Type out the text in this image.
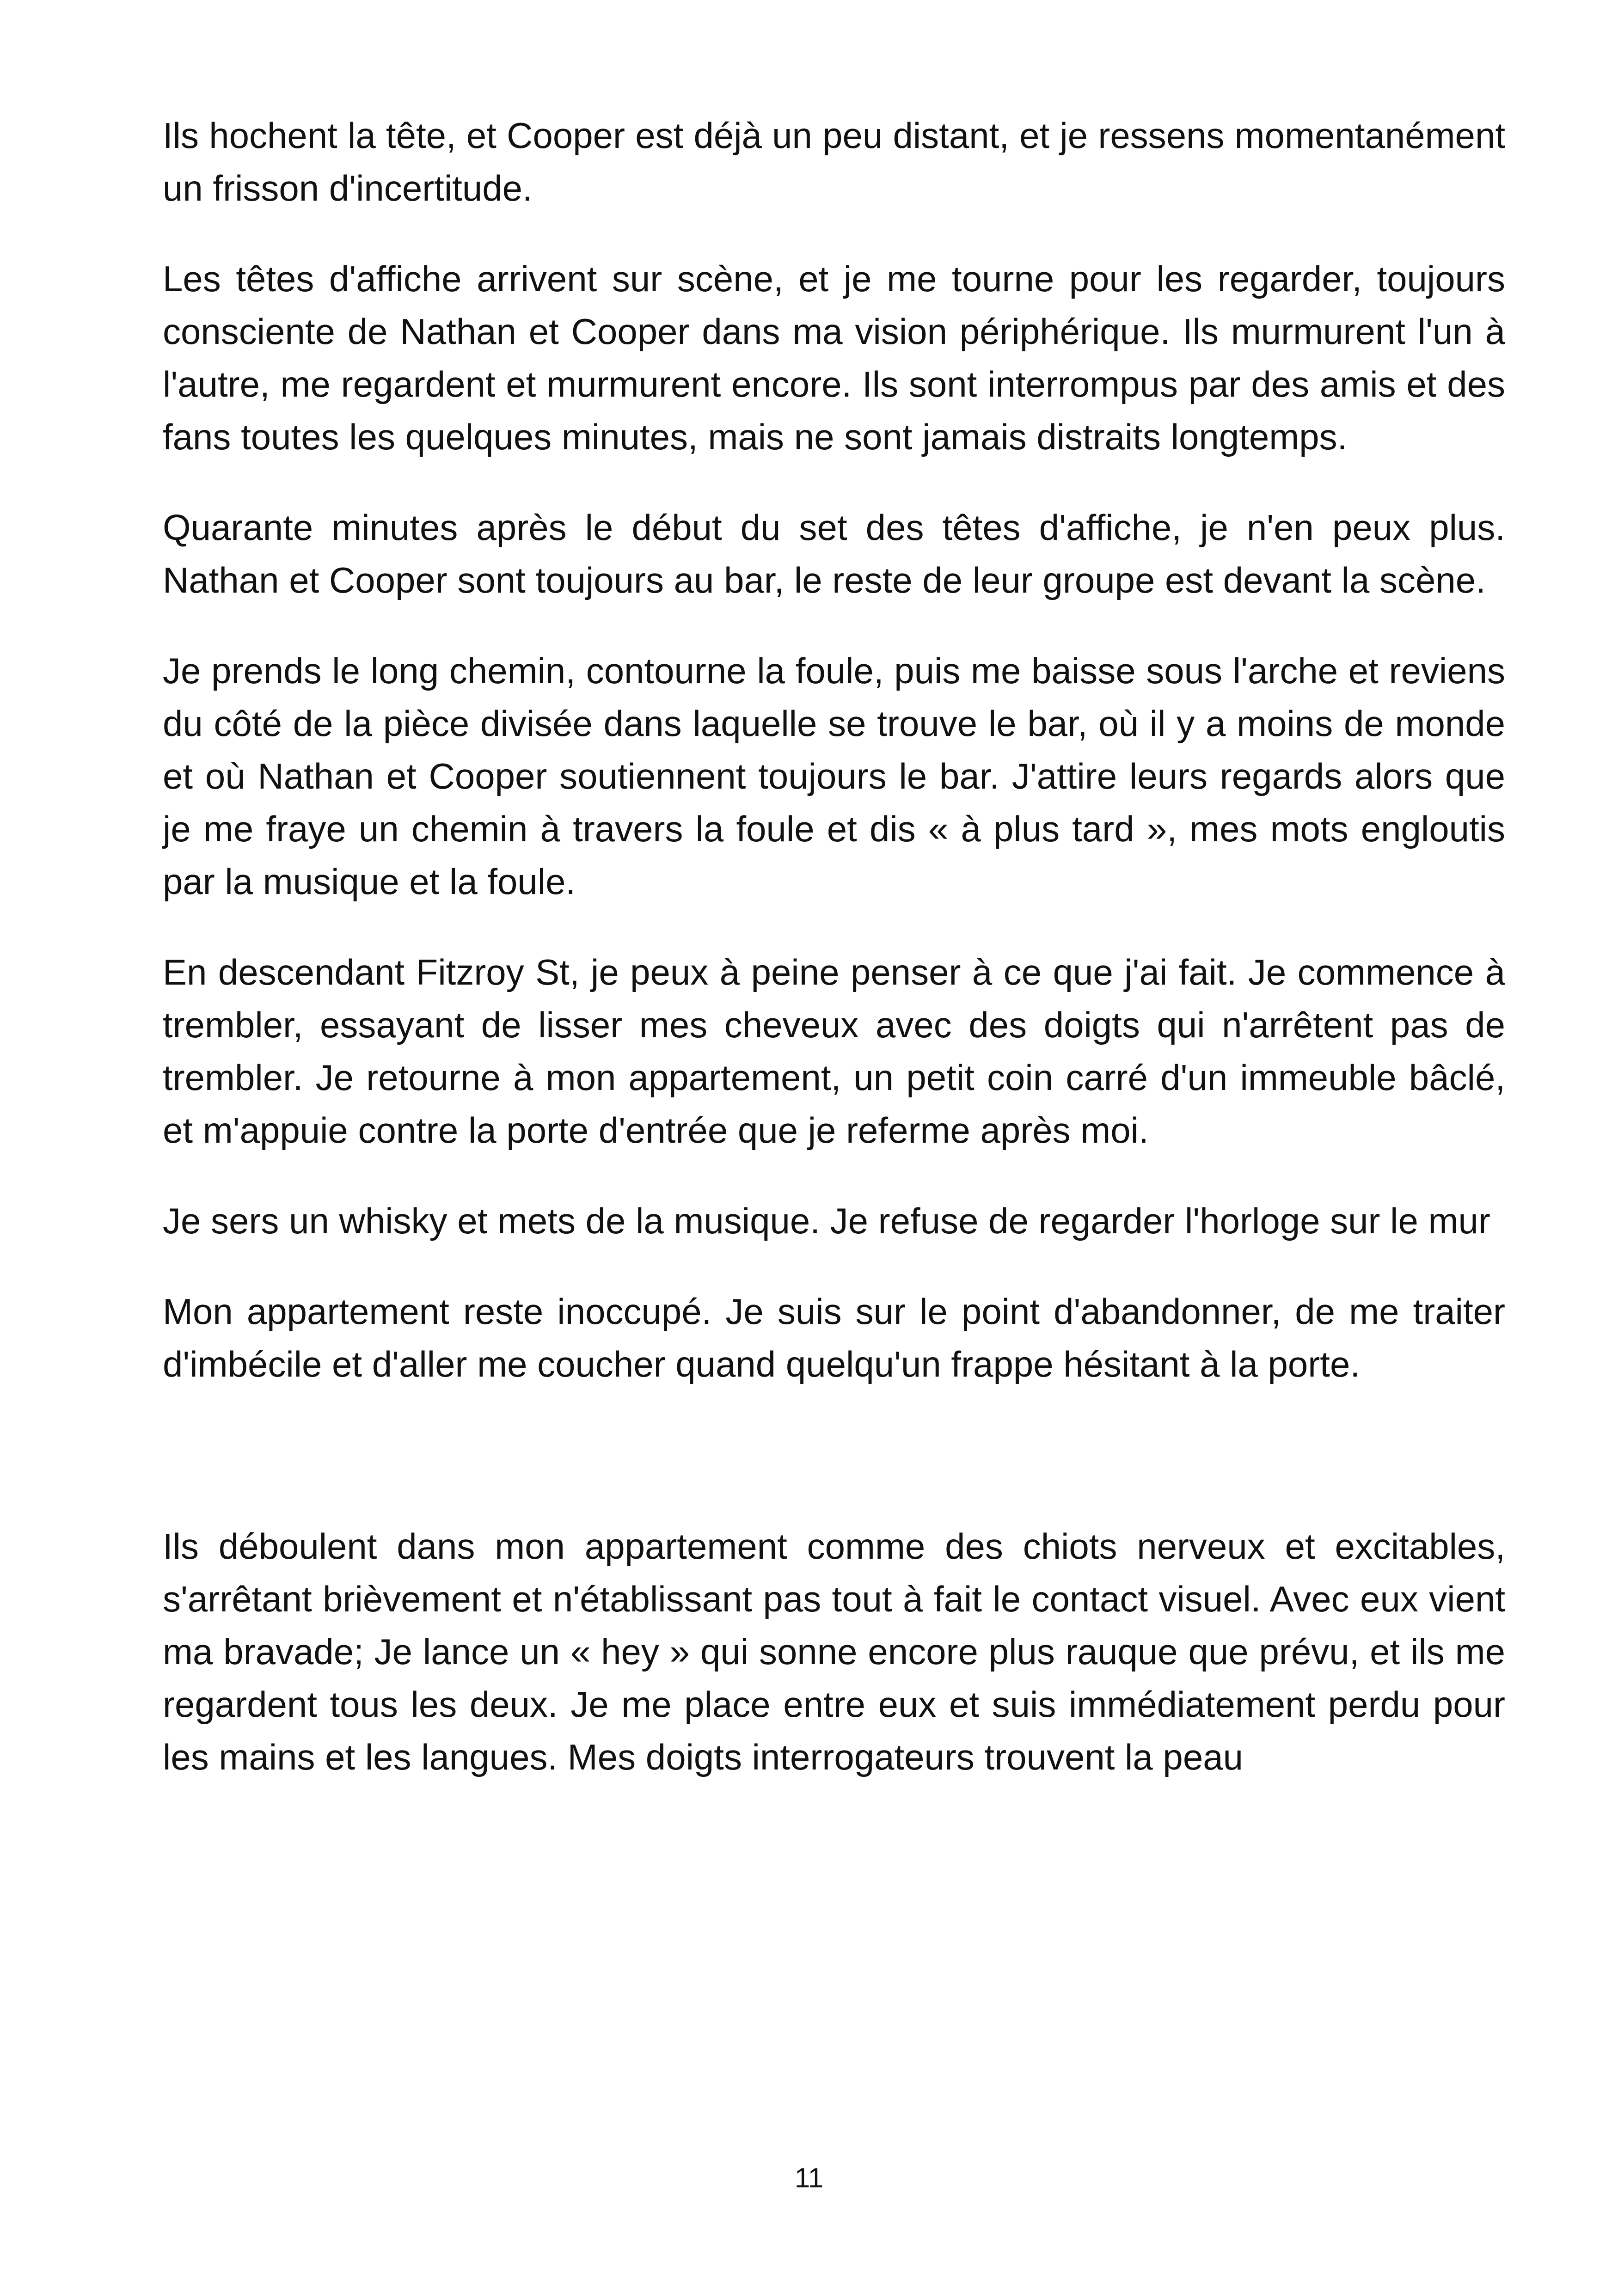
Ils hochent la tête, et Cooper est déjà un peu distant, et je ressens momentanément un frisson d'incertitude.

Les têtes d'affiche arrivent sur scène, et je me tourne pour les regarder, toujours consciente de Nathan et Cooper dans ma vision périphérique. Ils murmurent l'un à l'autre, me regardent et murmurent encore. Ils sont interrompus par des amis et des fans toutes les quelques minutes, mais ne sont jamais distraits longtemps.

Quarante minutes après le début du set des têtes d'affiche, je n'en peux plus. Nathan et Cooper sont toujours au bar, le reste de leur groupe est devant la scène.

Je prends le long chemin, contourne la foule, puis me baisse sous l'arche et reviens du côté de la pièce divisée dans laquelle se trouve le bar, où il y a moins de monde et où Nathan et Cooper soutiennent toujours le bar. J'attire leurs regards alors que je me fraye un chemin à travers la foule et dis « à plus tard », mes mots engloutis par la musique et la foule.

En descendant Fitzroy St, je peux à peine penser à ce que j'ai fait. Je commence à trembler, essayant de lisser mes cheveux avec des doigts qui n'arrêtent pas de trembler. Je retourne à mon appartement, un petit coin carré d'un immeuble bâclé, et m'appuie contre la porte d'entrée que je referme après moi.

Je sers un whisky et mets de la musique. Je refuse de regarder l'horloge sur le mur

Mon appartement reste inoccupé. Je suis sur le point d'abandonner, de me traiter d'imbécile et d'aller me coucher quand quelqu'un frappe hésitant à la porte.

Ils déboulent dans mon appartement comme des chiots nerveux et excitables, s'arrêtant brièvement et n'établissant pas tout à fait le contact visuel. Avec eux vient ma bravade; Je lance un « hey » qui sonne encore plus rauque que prévu, et ils me regardent tous les deux. Je me place entre eux et suis immédiatement perdu pour les mains et les langues. Mes doigts interrogateurs trouvent la peau

11
